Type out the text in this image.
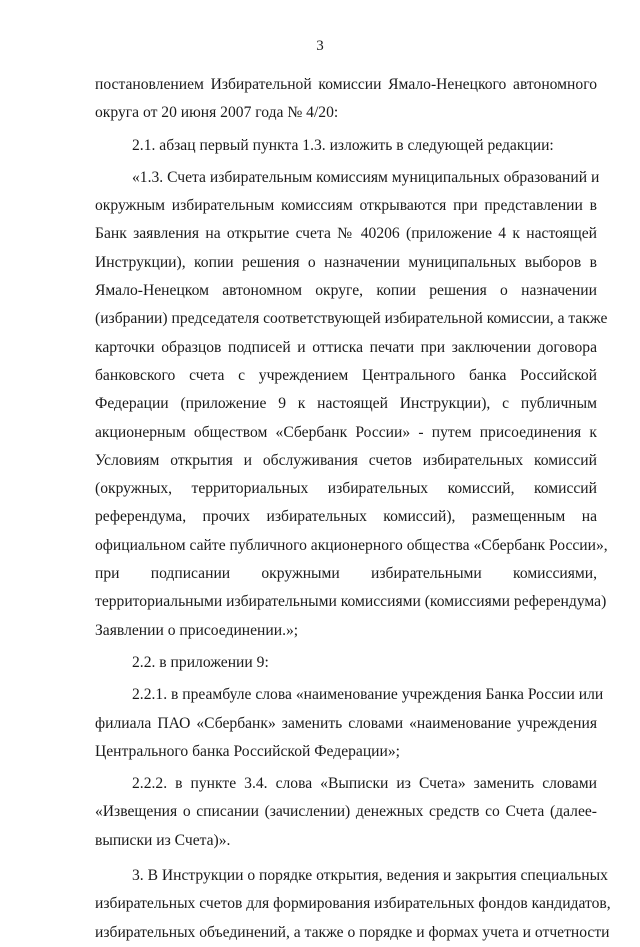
3
постановлением Избирательной комиссии Ямало-Ненецкого автономного
округа от 20 июня 2007 года № 4/20:
2.1. абзац первый пункта 1.3. изложить в следующей редакции:
«1.3. Счета избирательным комиссиям муниципальных образований и
окружным избирательным комиссиям открываются при представлении в
Банк заявления на открытие счета № 40206 (приложение 4 к настоящей
Инструкции), копии решения о назначении муниципальных выборов в
Ямало-Ненецком автономном округе, копии решения о назначении
(избрании) председателя соответствующей избирательной комиссии, а также
карточки образцов подписей и оттиска печати при заключении договора
банковского счета с учреждением Центрального банка Российской
Федерации (приложение 9 к настоящей Инструкции), с публичным
акционерным обществом «Сбербанк России» - путем присоединения к
Условиям открытия и обслуживания счетов избирательных комиссий
(окружных, территориальных избирательных комиссий, комиссий
референдума, прочих избирательных комиссий), размещенным на
официальном сайте публичного акционерного общества «Сбербанк России»,
при подписании окружными избирательными комиссиями,
территориальными избирательными комиссиями (комиссиями референдума)
Заявлении о присоединении.»;
2.2. в приложении 9:
2.2.1. в преамбуле слова «наименование учреждения Банка России или
филиала ПАО «Сбербанк» заменить словами «наименование учреждения
Центрального банка Российской Федерации»;
2.2.2. в пункте 3.4. слова «Выписки из Счета» заменить словами
«Извещения о списании (зачислении) денежных средств со Счета (далее-
выписки из Счета)».
3. В Инструкции о порядке открытия, ведения и закрытия специальных
избирательных счетов для формирования избирательных фондов кандидатов,
избирательных объединений, а также о порядке и формах учета и отчетности
